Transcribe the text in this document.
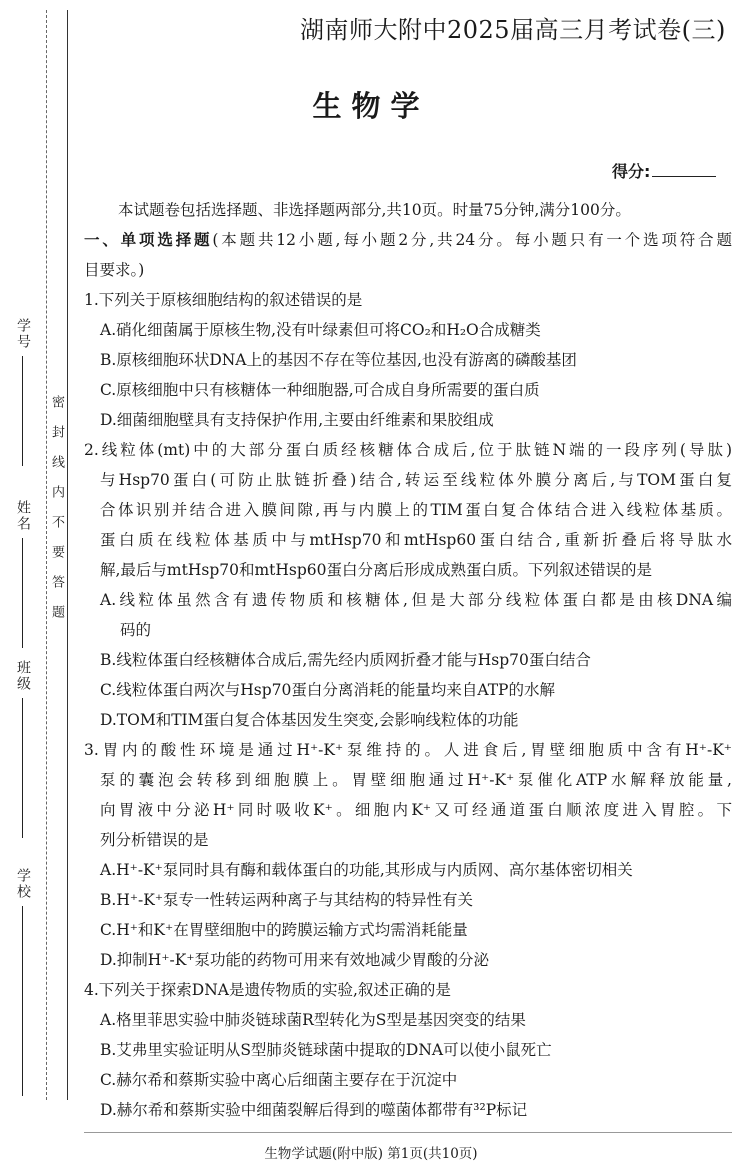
学号
姓名
班级
学校
密封线内不要答题
湖南师大附中2025届高三月考试卷(三)
生物学
得分:
本试题卷包括选择题、非选择题两部分,共10页。时量75分钟,满分100分。
一、单项选择题(本题共12小题,每小题2分,共24分。每小题只有一个选项符合题
目要求。)
1.下列关于原核细胞结构的叙述错误的是
A.硝化细菌属于原核生物,没有叶绿素但可将CO₂和H₂O合成糖类
B.原核细胞环状DNA上的基因不存在等位基因,也没有游离的磷酸基团
C.原核细胞中只有核糖体一种细胞器,可合成自身所需要的蛋白质
D.细菌细胞壁具有支持保护作用,主要由纤维素和果胶组成
2.线粒体(mt)中的大部分蛋白质经核糖体合成后,位于肽链N端的一段序列(导肽)
与Hsp70蛋白(可防止肽链折叠)结合,转运至线粒体外膜分离后,与TOM蛋白复
合体识别并结合进入膜间隙,再与内膜上的TIM蛋白复合体结合进入线粒体基质。
蛋白质在线粒体基质中与mtHsp70和mtHsp60蛋白结合,重新折叠后将导肽水
解,最后与mtHsp70和mtHsp60蛋白分离后形成成熟蛋白质。下列叙述错误的是
A.线粒体虽然含有遗传物质和核糖体,但是大部分线粒体蛋白都是由核DNA编
码的
B.线粒体蛋白经核糖体合成后,需先经内质网折叠才能与Hsp70蛋白结合
C.线粒体蛋白两次与Hsp70蛋白分离消耗的能量均来自ATP的水解
D.TOM和TIM蛋白复合体基因发生突变,会影响线粒体的功能
3.胃内的酸性环境是通过H⁺-K⁺泵维持的。人进食后,胃壁细胞质中含有H⁺-K⁺
泵的囊泡会转移到细胞膜上。胃壁细胞通过H⁺-K⁺泵催化ATP水解释放能量,
向胃液中分泌H⁺同时吸收K⁺。细胞内K⁺又可经通道蛋白顺浓度进入胃腔。下
列分析错误的是
A.H⁺-K⁺泵同时具有酶和载体蛋白的功能,其形成与内质网、高尔基体密切相关
B.H⁺-K⁺泵专一性转运两种离子与其结构的特异性有关
C.H⁺和K⁺在胃壁细胞中的跨膜运输方式均需消耗能量
D.抑制H⁺-K⁺泵功能的药物可用来有效地减少胃酸的分泌
4.下列关于探索DNA是遗传物质的实验,叙述正确的是
A.格里菲思实验中肺炎链球菌R型转化为S型是基因突变的结果
B.艾弗里实验证明从S型肺炎链球菌中提取的DNA可以使小鼠死亡
C.赫尔希和蔡斯实验中离心后细菌主要存在于沉淀中
D.赫尔希和蔡斯实验中细菌裂解后得到的噬菌体都带有³²P标记
生物学试题(附中版) 第1页(共10页)
